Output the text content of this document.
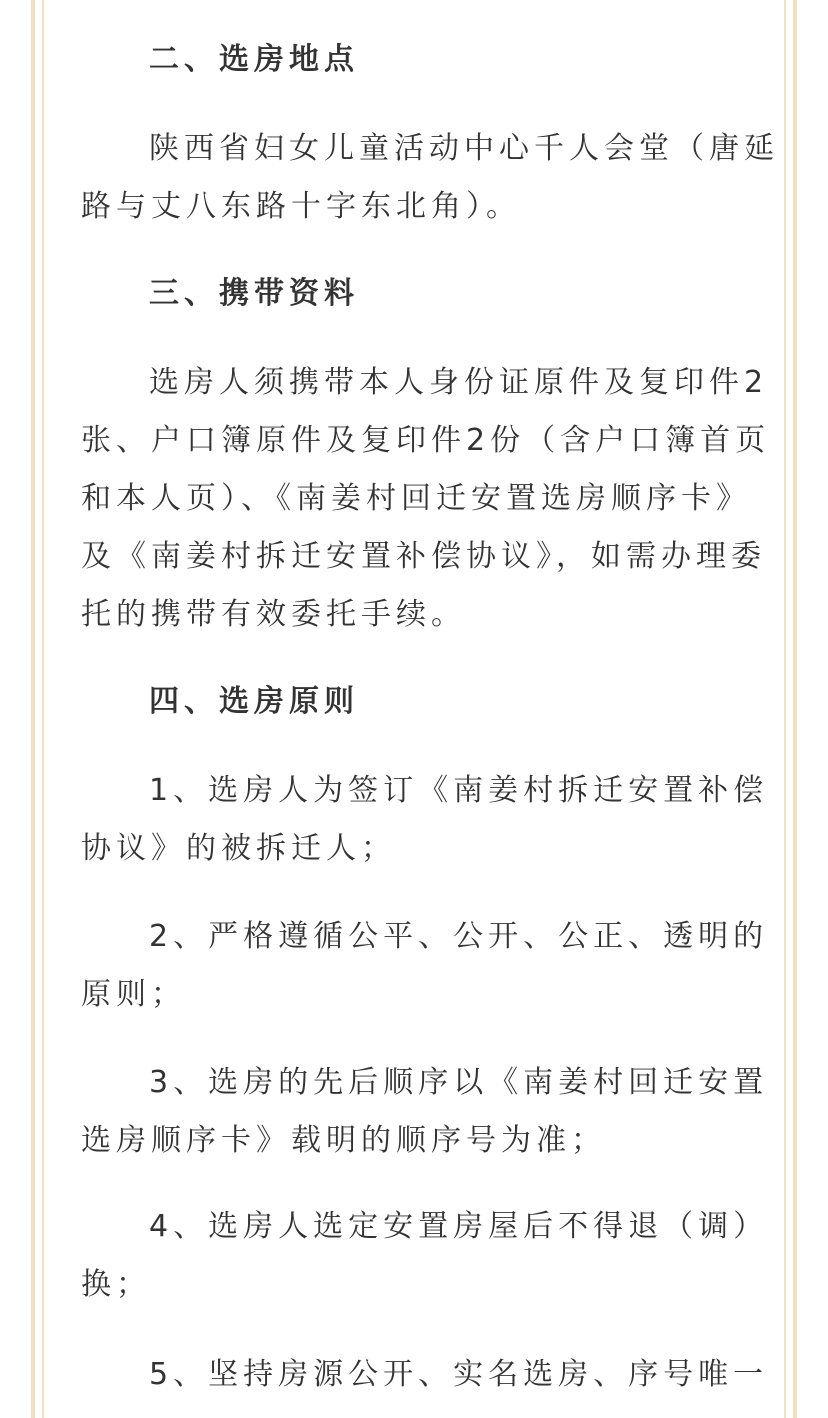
二、选房地点
陕西省妇女儿童活动中心千人会堂（唐延
路与丈八东路十字东北角）。
三、携带资料
选房人须携带本人身份证原件及复印件2
张、户口簿原件及复印件2份（含户口簿首页
和本人页）、《南姜村回迁安置选房顺序卡》
及《南姜村拆迁安置补偿协议》，如需办理委
托的携带有效委托手续。
四、选房原则
1、选房人为签订《南姜村拆迁安置补偿
协议》的被拆迁人；
2、严格遵循公平、公开、公正、透明的
原则；
3、选房的先后顺序以《南姜村回迁安置
选房顺序卡》载明的顺序号为准；
4、选房人选定安置房屋后不得退（调）
换；
5、坚持房源公开、实名选房、序号唯一
